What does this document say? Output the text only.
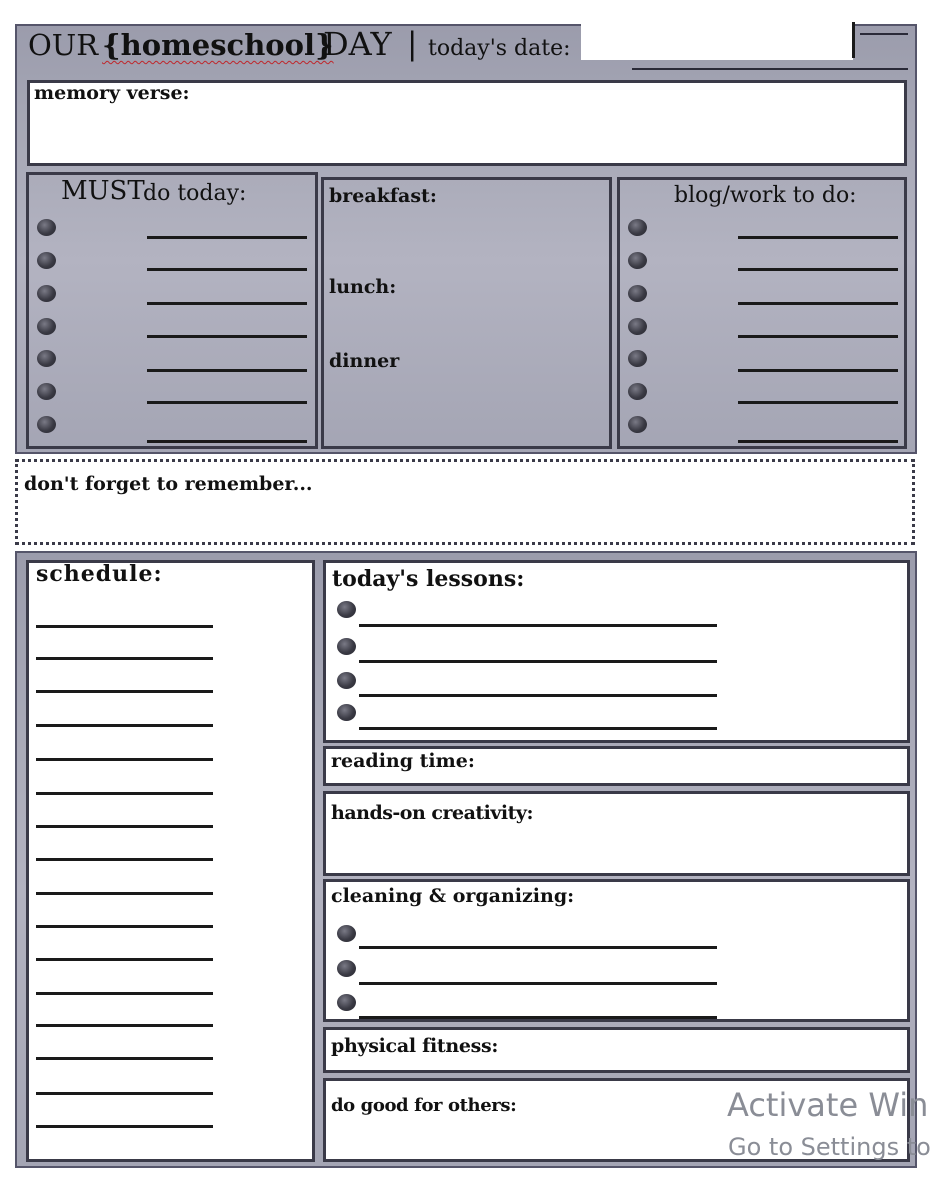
OUR {homeschool}
DAY | today's date:
memory verse:
MUST
do today:	breakfast:
lunch:
dinner
blog/work to do:
don't forget to remember...
schedule:	today's lessons:
reading time:
hands-on creativity:
cleaning & organizing:
physical fitness:
do good for others:	Activate Win
Go to Settings to
